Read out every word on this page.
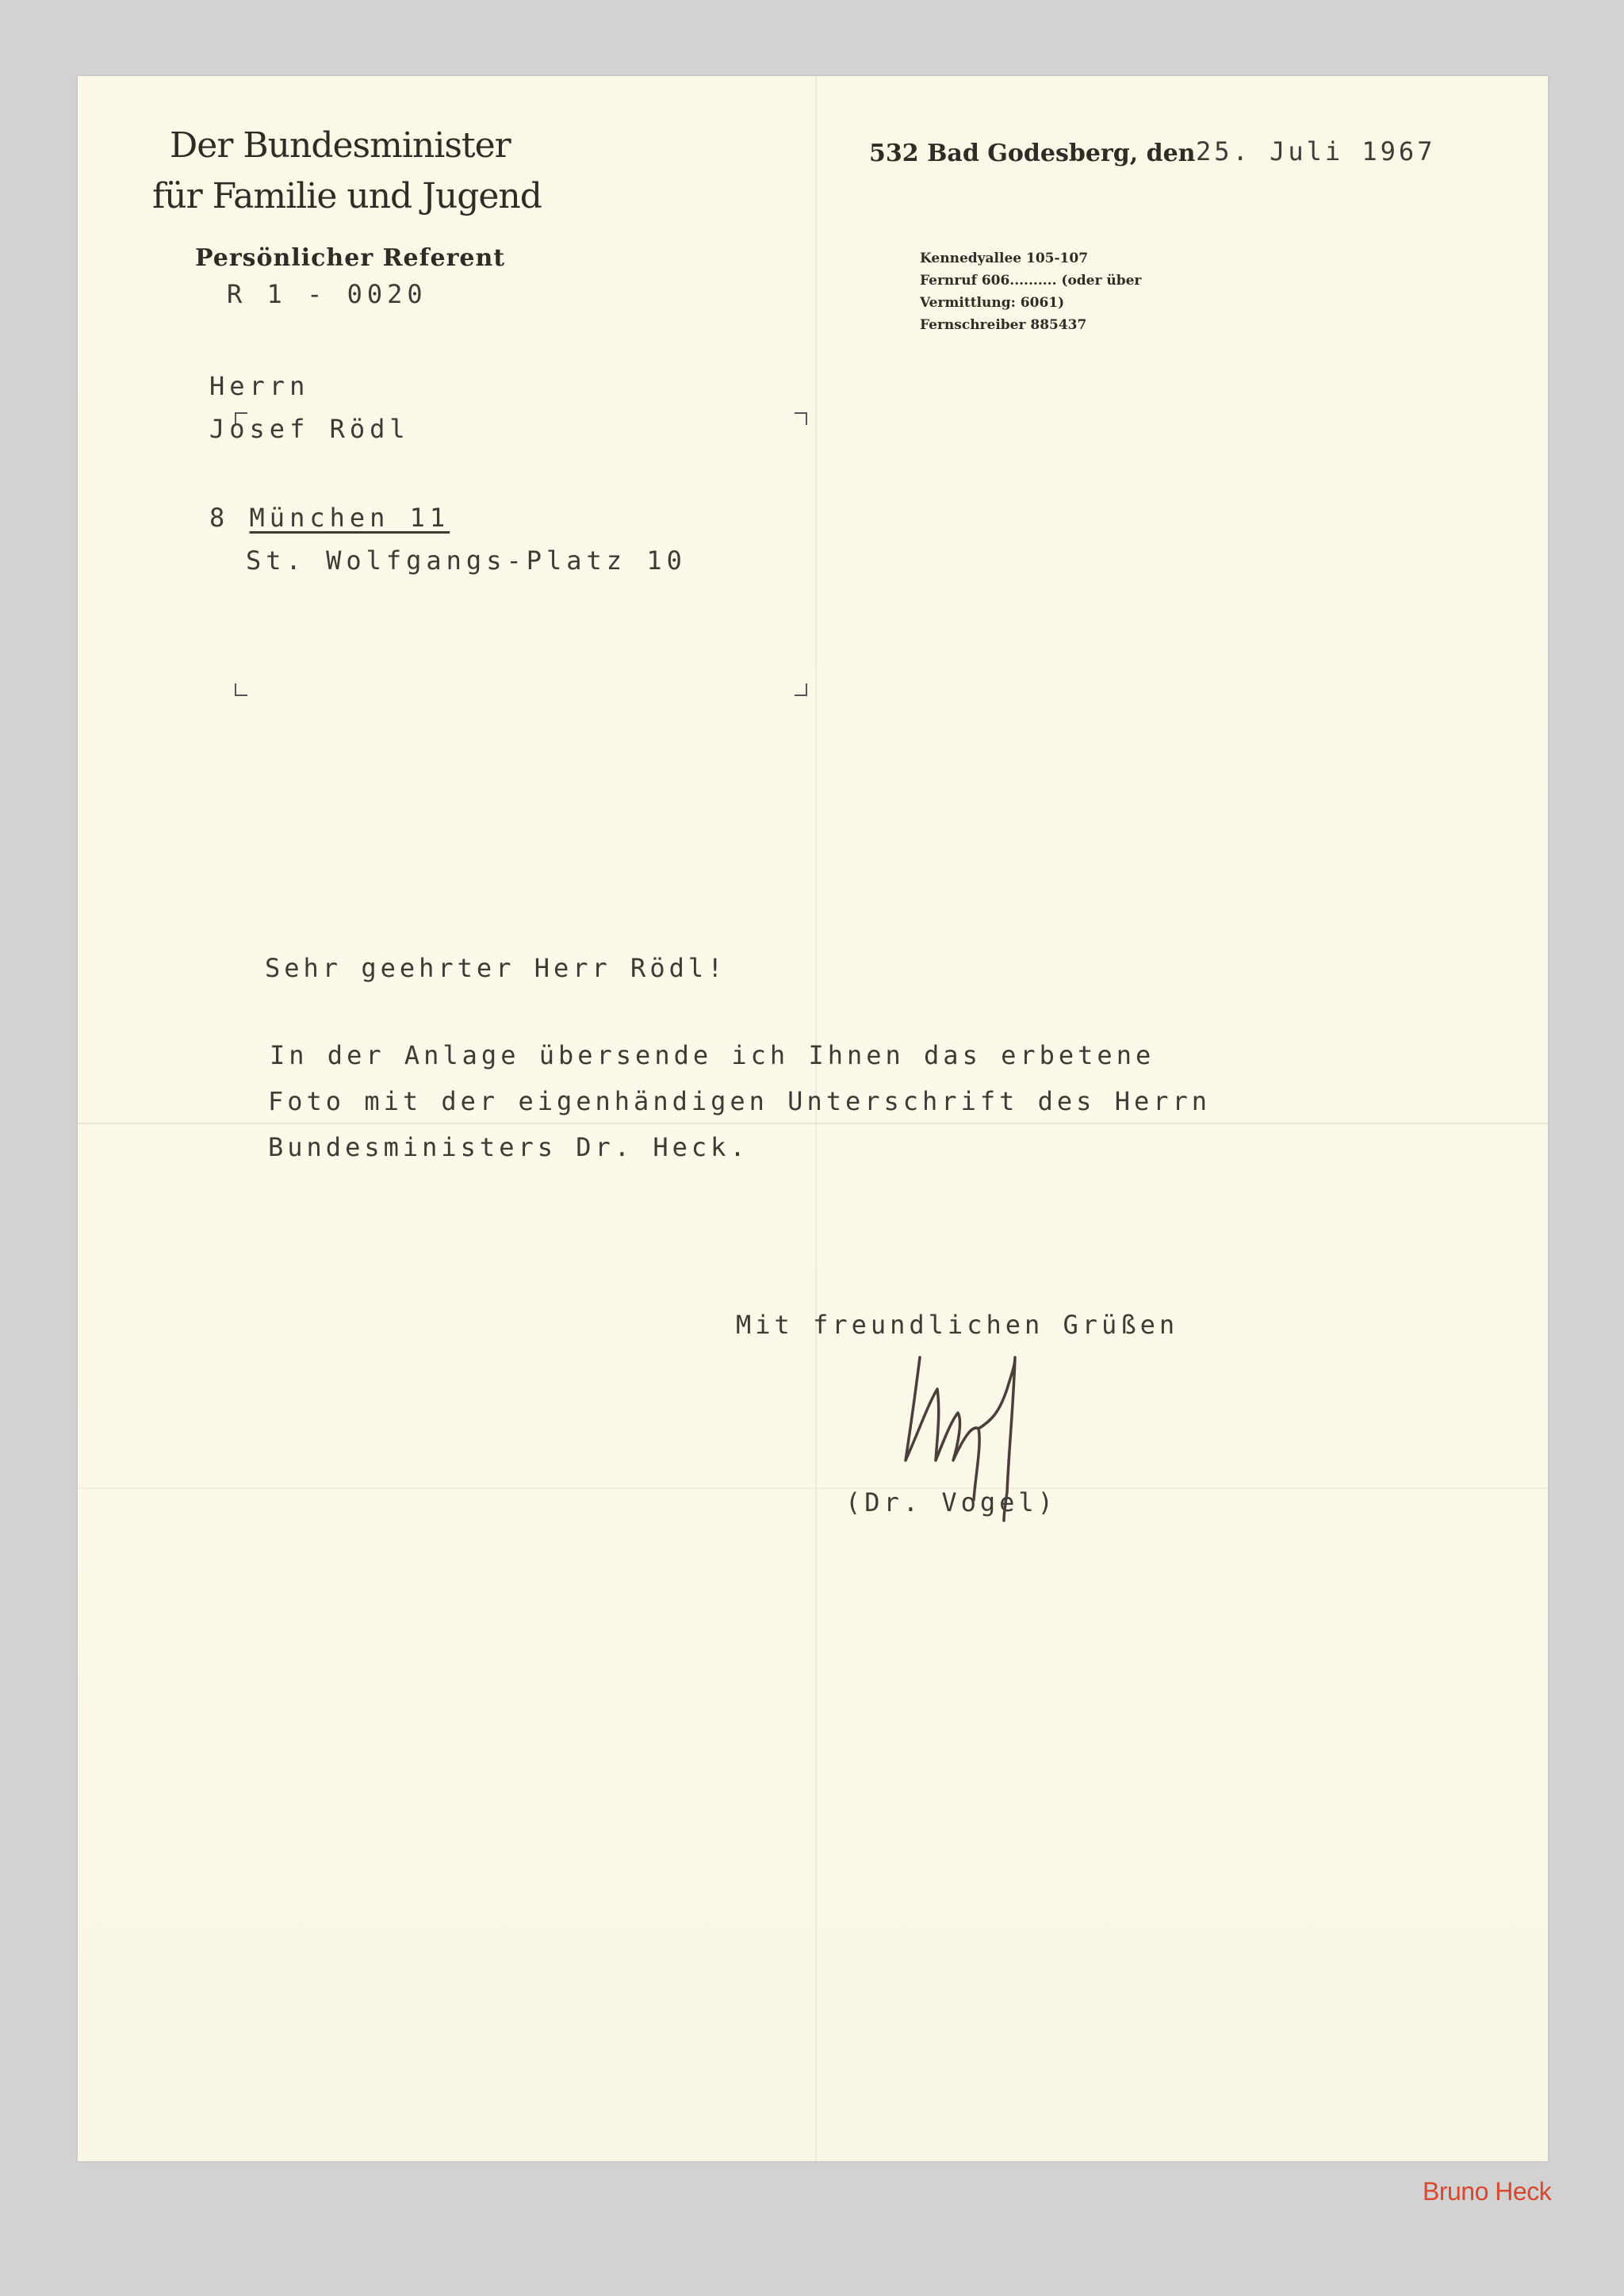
Der Bundesminister
für Familie und Jugend
Persönlicher Referent
R 1 - 0020
532 Bad Godesberg, den 25. Juli 1967
Kennedyallee 105-107
Fernruf 606.......... (oder über
Vermittlung: 6061)
Fernschreiber 885437
Herrn
Josef Rödl
8 München 11
St. Wolfgangs-Platz 10
Sehr geehrter Herr Rödl!
In der Anlage übersende ich Ihnen das erbetene
Foto mit der eigenhändigen Unterschrift des Herrn
Bundesministers Dr. Heck.
Mit freundlichen Grüßen
(Dr. Vogel)
Bruno Heck
